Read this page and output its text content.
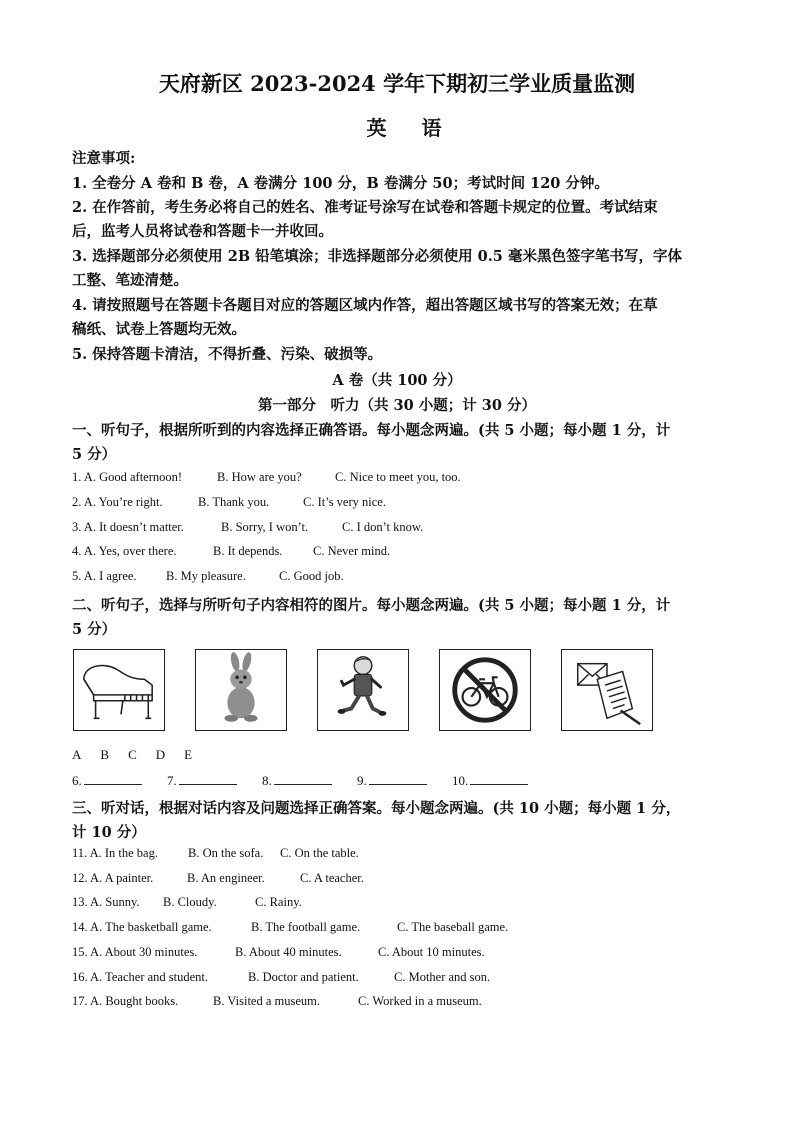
天府新区 2023-2024 学年下期初三学业质量监测
英 语
注意事项:
1. 全卷分 A 卷和 B 卷，A 卷满分 100 分，B 卷满分 50；考试时间 120 分钟。
2. 在作答前，考生务必将自己的姓名、准考证号涂写在试卷和答题卡规定的位置。考试结束
后，监考人员将试卷和答题卡一并收回。
3. 选择题部分必须使用 2B 铅笔填涂；非选择题部分必须使用 0.5 毫米黑色签字笔书写，字体
工整、笔迹清楚。
4. 请按照题号在答题卡各题目对应的答题区域内作答，超出答题区域书写的答案无效；在草
稿纸、试卷上答题均无效。
5. 保持答题卡清洁，不得折叠、污染、破损等。
A 卷（共 100 分）
第一部分　听力（共 30 小题；计 30 分）
一、听句子，根据所听到的内容选择正确答语。每小题念两遍。(共 5 小题；每小题 1 分，计
5 分）
1. A. Good afternoon!	B. How are you?	C. Nice to meet you, too.
2. A. You’re right.	B. Thank you.	C. It’s very nice.
3. A. It doesn’t matter.	B. Sorry, I won’t.	C. I don’t know.
4. A. Yes, over there.	B. It depends. C. Never mind.
5. A. I agree. B. My pleasure.	C. Good job.
二、听句子，选择与所听句子内容相符的图片。每小题念两遍。(共 5 小题；每小题 1 分，计
5 分）
A B C D E
6.	7.	8.	9.	10.
三、听对话，根据对话内容及问题选择正确答案。每小题念两遍。(共 10 小题；每小题 1 分，
计 10 分）
11. A. In the bag. B. On the sofa. C. On the table.
12. A. A painter.	B. An engineer.	C. A teacher.
13. A. Sunny. B. Cloudy.	C. Rainy.
14. A. The basketball game.	B. The football game.	C. The baseball game.
15. A. About 30 minutes.	B. About 40 minutes.	C. About 10 minutes.
16. A. Teacher and student.	B. Doctor and patient.	C. Mother and son.
17. A. Bought books.	B. Visited a museum.	C. Worked in a museum.
